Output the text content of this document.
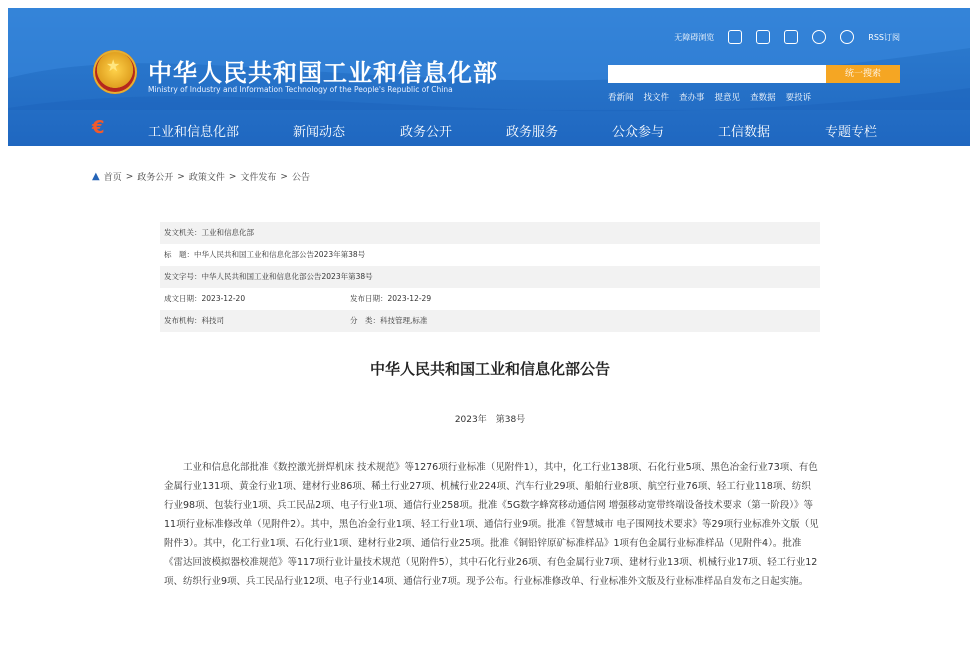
★ 中华人民共和国工业和信息化部
Ministry of Industry and Information Technology of the People's Republic of China
无障碍浏览	RSS订阅
统一搜索
看新闻 找文件 查办事 提意见 查数据 要投诉
€	工业和信息化部	新闻动态	政务公开	政务服务	公众参与	工信数据	专题专栏
▲ 首页 > 政务公开 > 政策文件 > 文件发布 > 公告
发文机关：工业和信息化部
标　题：中华人民共和国工业和信息化部公告2023年第38号
发文字号：中华人民共和国工业和信息化部公告2023年第38号
成文日期：2023-12-20	发布日期：2023-12-29
发布机构：科技司	分　类：科技管理,标准
中华人民共和国工业和信息化部公告
2023年　第38号
工业和信息化部批准《数控激光拼焊机床 技术规范》等1276项行业标准（见附件1），其中，化工行业138项、石化行业5项、黑色冶金行业73项、有色金属行业131项、黄金行业1项、建材行业86项、稀土行业27项、机械行业224项、汽车行业29项、船舶行业8项、航空行业76项、轻工行业118项、纺织行业98项、包装行业1项、兵工民品2项、电子行业1项、通信行业258项。批准《5G数字蜂窝移动通信网 增强移动宽带终端设备技术要求（第一阶段）》等11项行业标准修改单（见附件2）。其中，黑色冶金行业1项、轻工行业1项、通信行业9项。批准《智慧城市 电子围网技术要求》等29项行业标准外文版（见附件3）。其中，化工行业1项、石化行业1项、建材行业2项、通信行业25项。批准《铜铅锌原矿标准样品》1项有色金属行业标准样品（见附件4）。批准《雷达回波模拟器校准规范》等117项行业计量技术规范（见附件5），其中石化行业26项、有色金属行业7项、建材行业13项、机械行业17项、轻工行业12项、纺织行业9项、兵工民品行业12项、电子行业14项、通信行业7项。现予公布。行业标准修改单、行业标准外文版及行业标准样品自发布之日起实施。
